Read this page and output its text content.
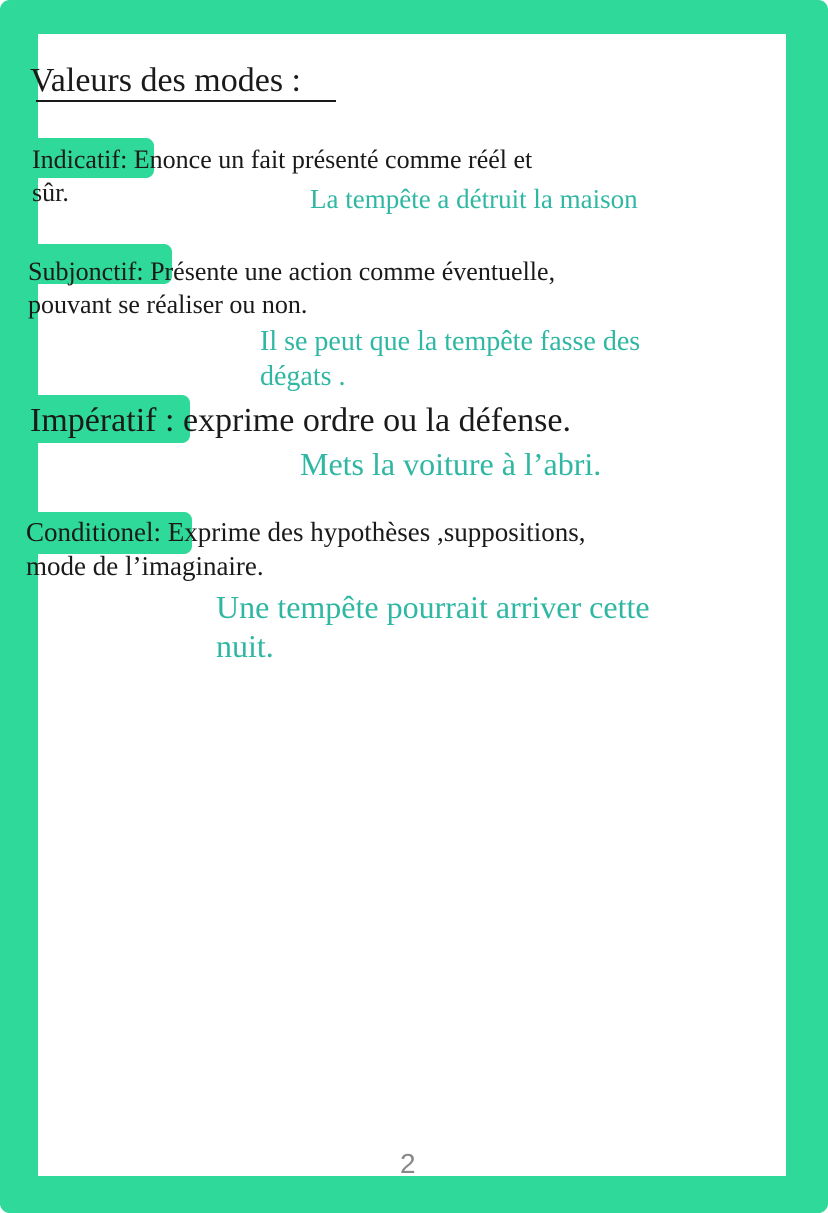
Valeurs des modes :
Indicatif: Enonce un fait présenté comme réél et
sûr.	La tempête a détruit la maison
Subjonctif: Présente une action comme éventuelle,
pouvant se réaliser ou non.
Il se peut que la tempête fasse des
dégats .
Impératif : exprime ordre ou la défense.
Mets la voiture à l’abri.
Conditionel: Exprime des hypothèses ,suppositions,
mode de l’imaginaire.
Une tempête pourrait arriver cette
nuit.
2
